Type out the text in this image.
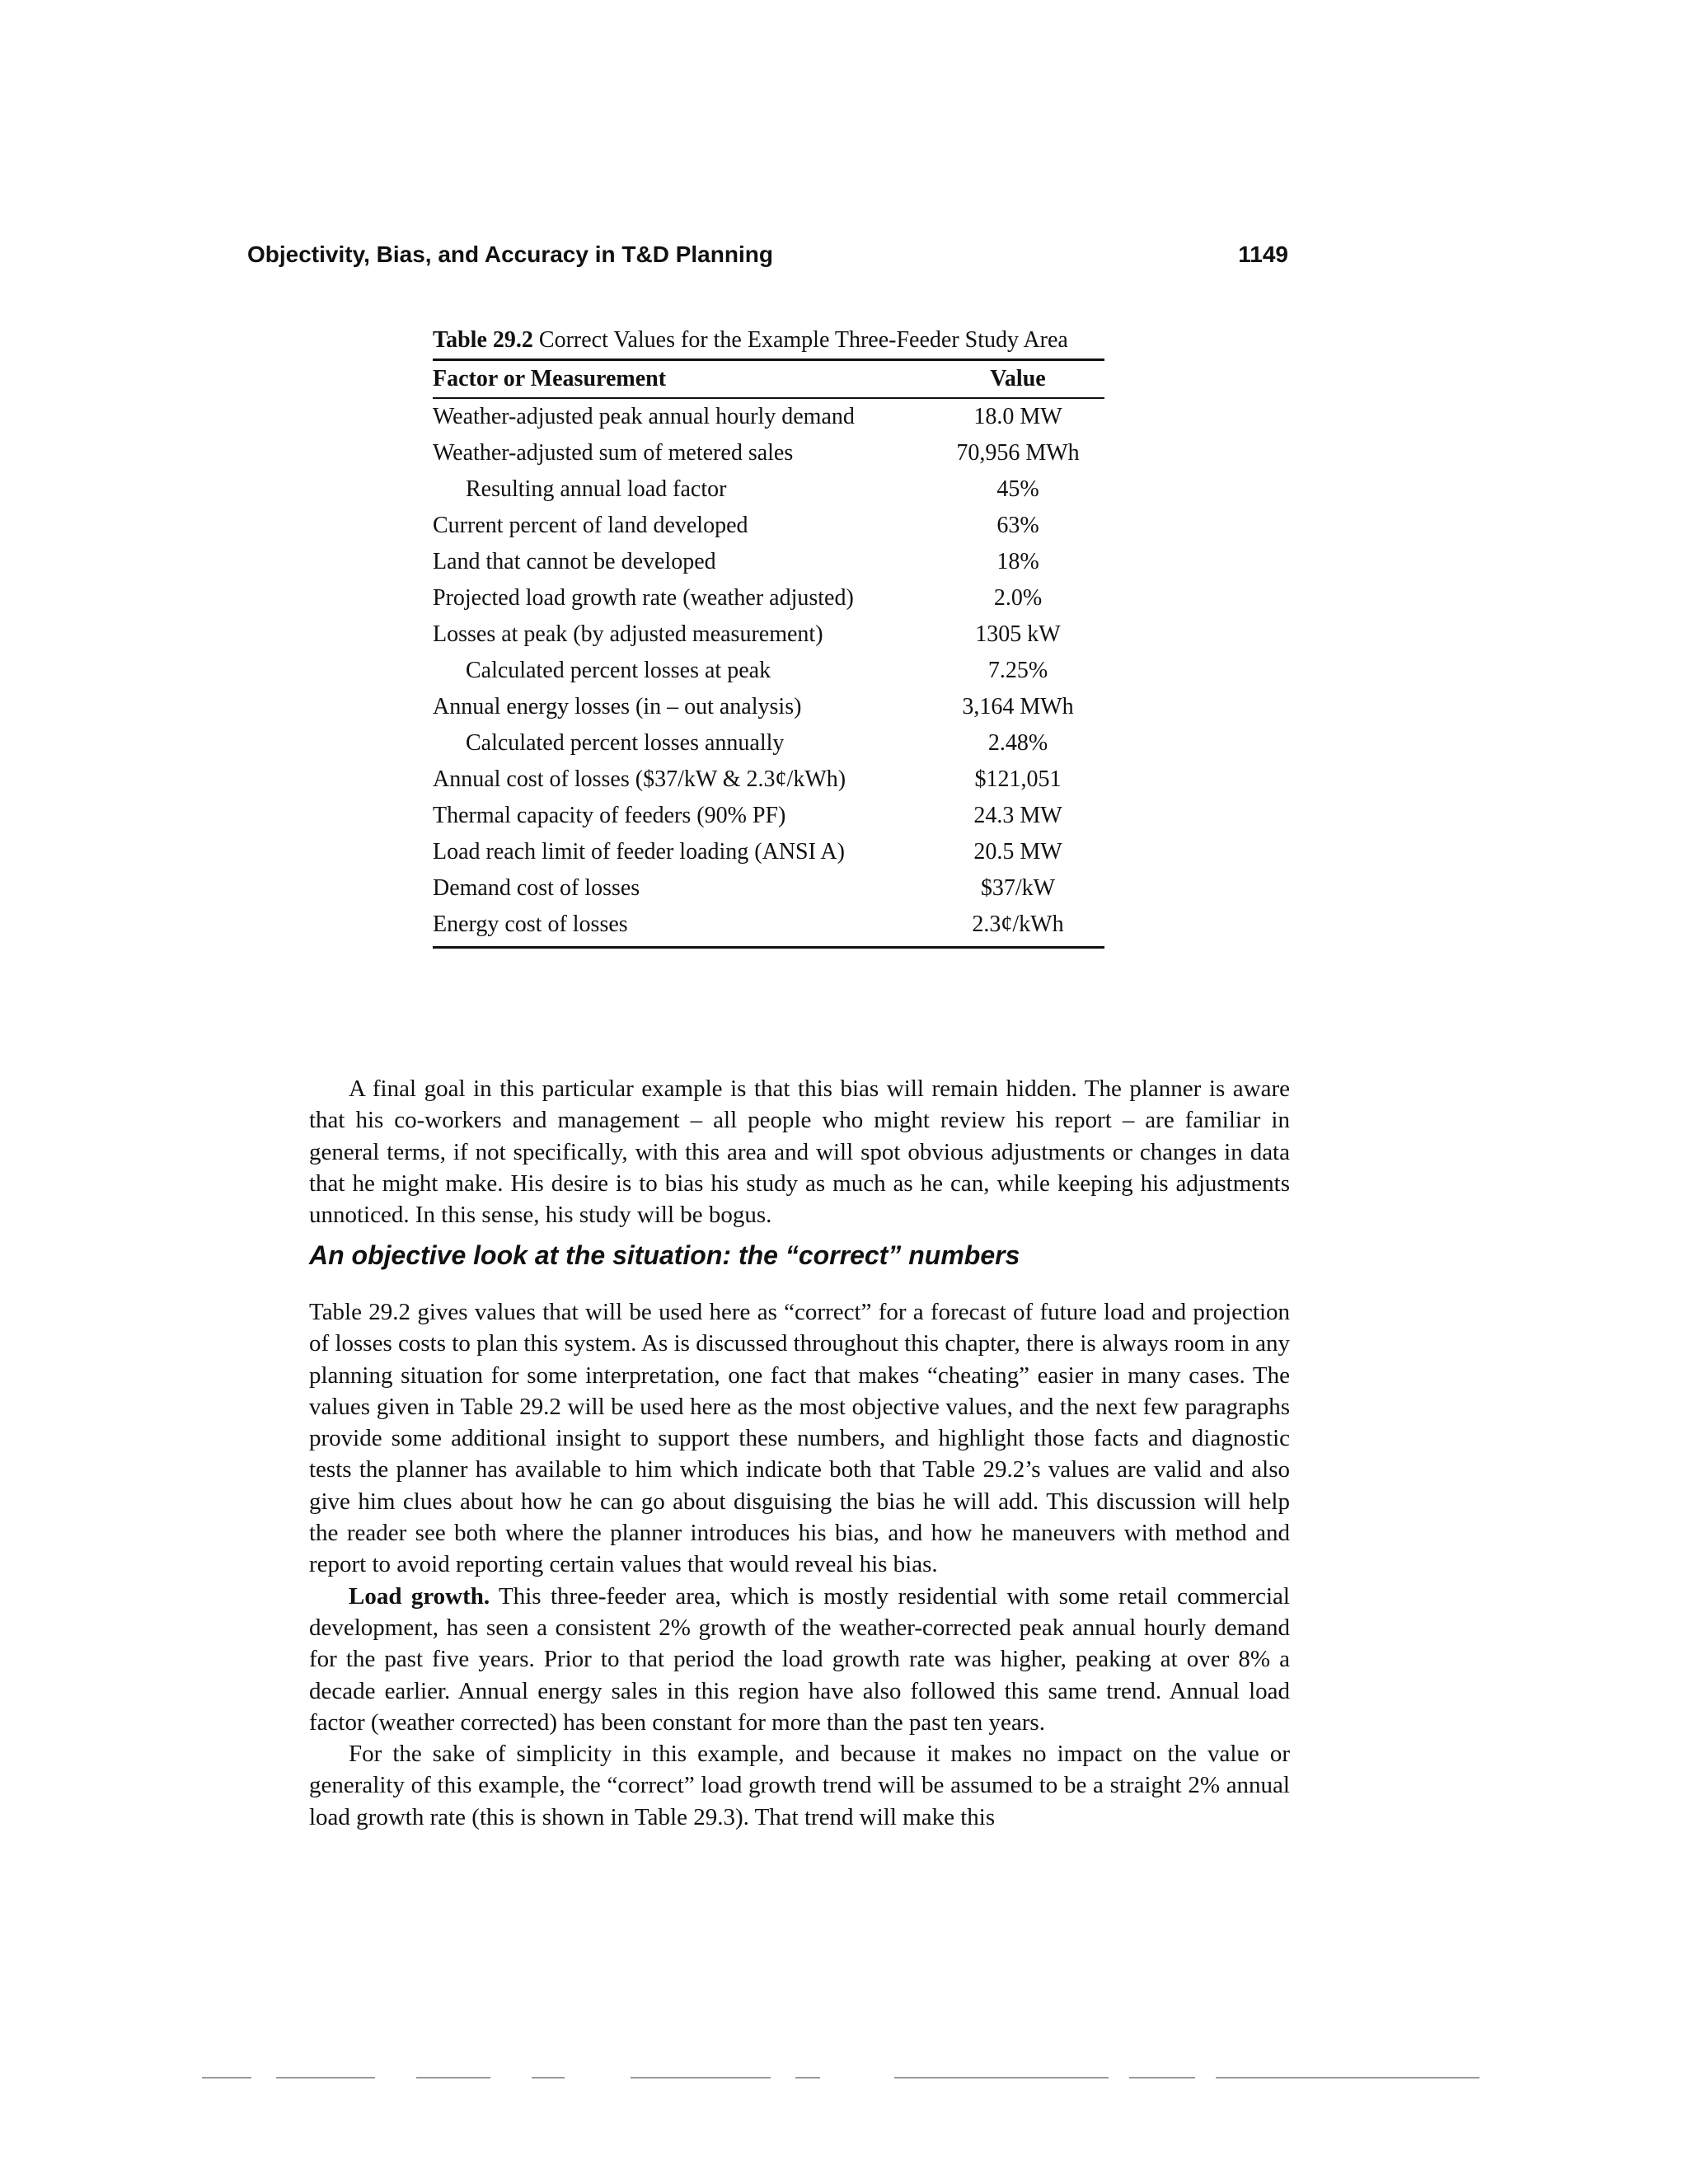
Objectivity, Bias, and Accuracy in T&D Planning	1149
Table 29.2 Correct Values for the Example Three-Feeder Study Area
Factor or Measurement	Value
Weather-adjusted peak annual hourly demand	18.0 MW
Weather-adjusted sum of metered sales	70,956 MWh
Resulting annual load factor	45%
Current percent of land developed	63%
Land that cannot be developed	18%
Projected load growth rate (weather adjusted)	2.0%
Losses at peak (by adjusted measurement)	1305 kW
Calculated percent losses at peak	7.25%
Annual energy losses (in – out analysis)	3,164 MWh
Calculated percent losses annually	2.48%
Annual cost of losses ($37/kW & 2.3¢/kWh)	$121,051
Thermal capacity of feeders (90% PF)	24.3 MW
Load reach limit of feeder loading (ANSI A)	20.5 MW
Demand cost of losses	$37/kW
Energy cost of losses	2.3¢/kWh

A final goal in this particular example is that this bias will remain hidden. The planner is aware that his co-workers and management – all people who might review his report – are familiar in general terms, if not specifically, with this area and will spot obvious adjustments or changes in data that he might make. His desire is to bias his study as much as he can, while keeping his adjustments unnoticed. In this sense, his study will be bogus.

An objective look at the situation: the “correct” numbers

Table 29.2 gives values that will be used here as “correct” for a forecast of future load and projection of losses costs to plan this system. As is discussed throughout this chapter, there is always room in any planning situation for some interpretation, one fact that makes “cheating” easier in many cases. The values given in Table 29.2 will be used here as the most objective values, and the next few paragraphs provide some additional insight to support these numbers, and highlight those facts and diagnostic tests the planner has available to him which indicate both that Table 29.2’s values are valid and also give him clues about how he can go about disguising the bias he will add. This discussion will help the reader see both where the planner introduces his bias, and how he maneuvers with method and report to avoid reporting certain values that would reveal his bias.

Load growth. This three-feeder area, which is mostly residential with some retail commercial development, has seen a consistent 2% growth of the weather-corrected peak annual hourly demand for the past five years. Prior to that period the load growth rate was higher, peaking at over 8% a decade earlier. Annual energy sales in this region have also followed this same trend. Annual load factor (weather corrected) has been constant for more than the past ten years.

For the sake of simplicity in this example, and because it makes no impact on the value or generality of this example, the “correct” load growth trend will be assumed to be a straight 2% annual load growth rate (this is shown in Table 29.3). That trend will make this
